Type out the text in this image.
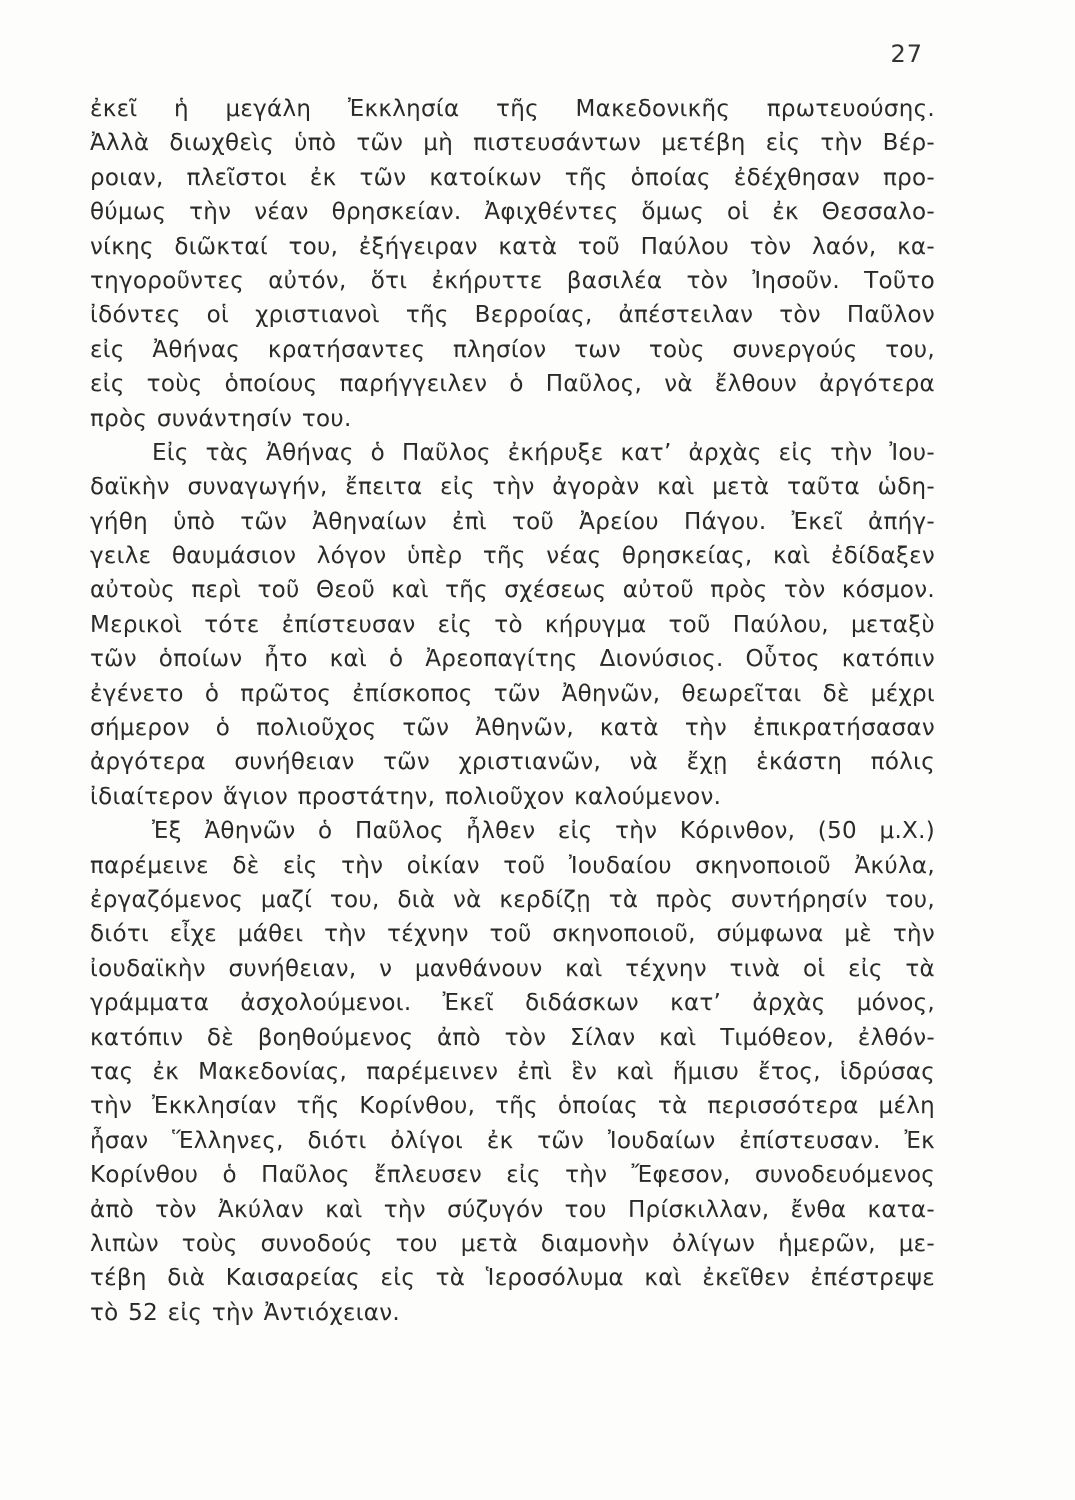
27
ἐκεῖ ἡ μεγάλη Ἐκκλησία τῆς Μακεδονικῆς πρωτευούσης.
Ἀλλὰ διωχθεὶς ὑπὸ τῶν μὴ πιστευσάντων μετέβη εἰς τὴν Βέρ-
ροιαν, πλεῖστοι ἐκ τῶν κατοίκων τῆς ὁποίας ἐδέχθησαν προ-
θύμως τὴν νέαν θρησκείαν. Ἀφιχθέντες ὅμως οἱ ἐκ Θεσσαλο-
νίκης διῶκταί του, ἐξήγειραν κατὰ τοῦ Παύλου τὸν λαόν, κα-
τηγοροῦντες αὐτόν, ὅτι ἐκήρυττε βασιλέα τὸν Ἰησοῦν. Τοῦτο
ἰδόντες οἱ χριστιανοὶ τῆς Βερροίας, ἀπέστειλαν τὸν Παῦλον
εἰς Ἀθήνας κρατήσαντες πλησίον των τοὺς συνεργούς του,
εἰς τοὺς ὁποίους παρήγγειλεν ὁ Παῦλος, νὰ ἔλθουν ἀργότερα
πρὸς συνάντησίν του.
Εἰς τὰς Ἀθήνας ὁ Παῦλος ἐκήρυξε κατ’ ἀρχὰς εἰς τὴν Ἰου-
δαϊκὴν συναγωγήν, ἔπειτα εἰς τὴν ἀγορὰν καὶ μετὰ ταῦτα ὡδη-
γήθη ὑπὸ τῶν Ἀθηναίων ἐπὶ τοῦ Ἀρείου Πάγου. Ἐκεῖ ἀπήγ-
γειλε θαυμάσιον λόγον ὑπὲρ τῆς νέας θρησκείας, καὶ ἐδίδαξεν
αὐτοὺς περὶ τοῦ Θεοῦ καὶ τῆς σχέσεως αὐτοῦ πρὸς τὸν κόσμον.
Μερικοὶ τότε ἐπίστευσαν εἰς τὸ κήρυγμα τοῦ Παύλου, μεταξὺ
τῶν ὁποίων ἦτο καὶ ὁ Ἀρεοπαγίτης Διονύσιος. Οὗτος κατόπιν
ἐγένετο ὁ πρῶτος ἐπίσκοπος τῶν Ἀθηνῶν, θεωρεῖται δὲ μέχρι
σήμερον ὁ πολιοῦχος τῶν Ἀθηνῶν, κατὰ τὴν ἐπικρατήσασαν
ἀργότερα συνήθειαν τῶν χριστιανῶν, νὰ ἔχῃ ἑκάστη πόλις
ἰδιαίτερον ἅγιον προστάτην, πολιοῦχον καλούμενον.
Ἐξ Ἀθηνῶν ὁ Παῦλος ἦλθεν εἰς τὴν Κόρινθον, (50 μ.Χ.)
παρέμεινε δὲ εἰς τὴν οἰκίαν τοῦ Ἰουδαίου σκηνοποιοῦ Ἀκύλα,
ἐργαζόμενος μαζί του, διὰ νὰ κερδίζῃ τὰ πρὸς συντήρησίν του,
διότι εἶχε μάθει τὴν τέχνην τοῦ σκηνοποιοῦ, σύμφωνα μὲ τὴν
ἰουδαϊκὴν συνήθειαν, ν μανθάνουν καὶ τέχνην τινὰ οἱ εἰς τὰ
γράμματα ἀσχολούμενοι. Ἐκεῖ διδάσκων κατ’ ἀρχὰς μόνος,
κατόπιν δὲ βοηθούμενος ἀπὸ τὸν Σίλαν καὶ Τιμόθεον, ἐλθόν-
τας ἐκ Μακεδονίας, παρέμεινεν ἐπὶ ἓν καὶ ἥμισυ ἔτος, ἱδρύσας
τὴν Ἐκκλησίαν τῆς Κορίνθου, τῆς ὁποίας τὰ περισσότερα μέλη
ἦσαν Ἕλληνες, διότι ὀλίγοι ἐκ τῶν Ἰουδαίων ἐπίστευσαν. Ἐκ
Κορίνθου ὁ Παῦλος ἔπλευσεν εἰς τὴν Ἔφεσον, συνοδευόμενος
ἀπὸ τὸν Ἀκύλαν καὶ τὴν σύζυγόν του Πρίσκιλλαν, ἔνθα κατα-
λιπὼν τοὺς συνοδούς του μετὰ διαμονὴν ὀλίγων ἡμερῶν, με-
τέβη διὰ Καισαρείας εἰς τὰ Ἱεροσόλυμα καὶ ἐκεῖθεν ἐπέστρεψε
τὸ 52 εἰς τὴν Ἀντιόχειαν.
